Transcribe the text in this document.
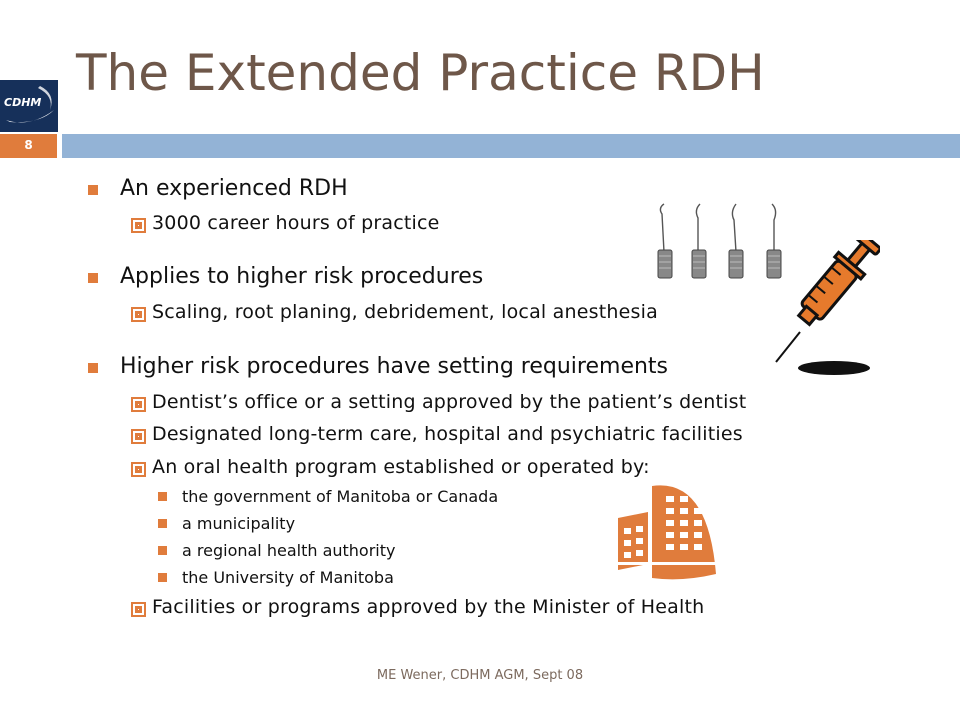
The Extended Practice RDH
CDHM
8
An experienced RDH
3000 career hours of practice
Applies to higher risk procedures
Scaling, root planing, debridement, local anesthesia
Higher risk procedures have setting requirements
Dentist’s office or a setting approved by the patient’s dentist
Designated long-term care, hospital and psychiatric facilities
An oral health program established or operated by:
the government of Manitoba or Canada
a municipality
a regional health authority
the University of Manitoba
Facilities or programs approved by the Minister of Health
ME Wener, CDHM AGM, Sept 08
